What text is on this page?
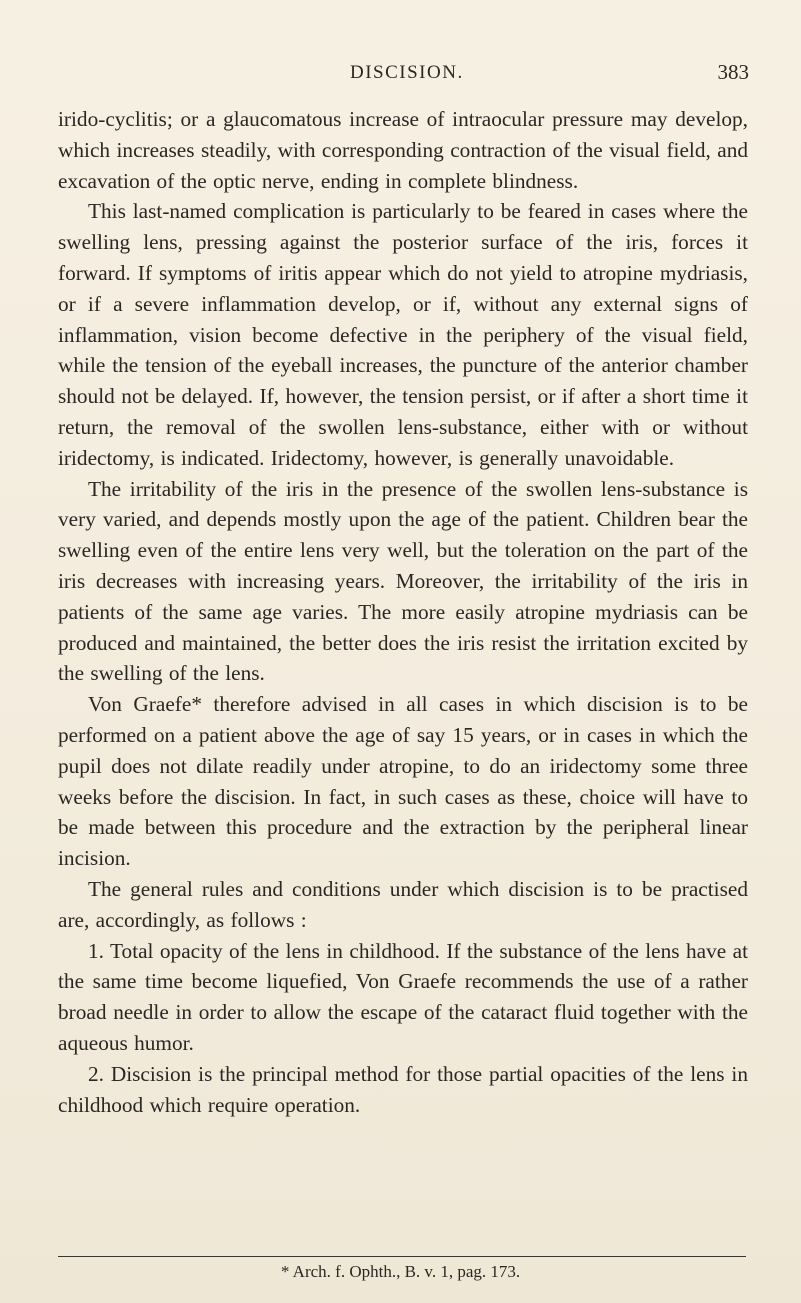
DISCISION.	383

irido-cyclitis; or a glaucomatous increase of intraocular pressure may develop, which increases steadily, with corresponding contraction of the visual field, and excavation of the optic nerve, ending in complete blindness.

This last-named complication is particularly to be feared in cases where the swelling lens, pressing against the posterior surface of the iris, forces it forward. If symptoms of iritis appear which do not yield to atropine mydriasis, or if a severe inflammation develop, or if, without any external signs of inflammation, vision become defective in the periphery of the visual field, while the tension of the eyeball increases, the puncture of the anterior chamber should not be delayed. If, however, the tension persist, or if after a short time it return, the removal of the swollen lens-substance, either with or without iridectomy, is indicated. Iridectomy, however, is generally unavoidable.

The irritability of the iris in the presence of the swollen lens-substance is very varied, and depends mostly upon the age of the patient. Children bear the swelling even of the entire lens very well, but the toleration on the part of the iris decreases with increasing years. Moreover, the irritability of the iris in patients of the same age varies. The more easily atropine mydriasis can be produced and maintained, the better does the iris resist the irritation excited by the swelling of the lens.

Von Graefe* therefore advised in all cases in which discision is to be performed on a patient above the age of say 15 years, or in cases in which the pupil does not dilate readily under atropine, to do an iridectomy some three weeks before the discision. In fact, in such cases as these, choice will have to be made between this procedure and the extraction by the peripheral linear incision.

The general rules and conditions under which discision is to be practised are, accordingly, as follows :

1. Total opacity of the lens in childhood. If the substance of the lens have at the same time become liquefied, Von Graefe recommends the use of a rather broad needle in order to allow the escape of the cataract fluid together with the aqueous humor.

2. Discision is the principal method for those partial opacities of the lens in childhood which require operation.

* Arch. f. Ophth., B. v. 1, pag. 173.
